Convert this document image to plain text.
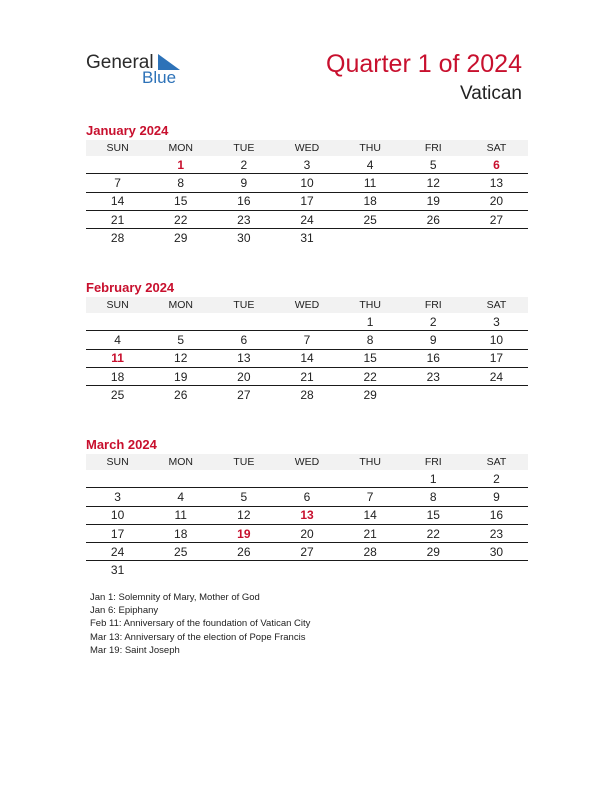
General
Blue	Quarter 1 of 2024
Vatican
January 2024
SUN	MON	TUE	WED	THU	FRI	SAT
	1	2	3	4	5	6
7	8	9	10	11	12	13
14	15	16	17	18	19	20
21	22	23	24	25	26	27
28	29	30	31			
February 2024
SUN	MON	TUE	WED	THU	FRI	SAT
				1	2	3
4	5	6	7	8	9	10
11	12	13	14	15	16	17
18	19	20	21	22	23	24
25	26	27	28	29		
March 2024
SUN	MON	TUE	WED	THU	FRI	SAT
					1	2
3	4	5	6	7	8	9
10	11	12	13	14	15	16
17	18	19	20	21	22	23
24	25	26	27	28	29	30
31						
Jan 1: Solemnity of Mary, Mother of God
Jan 6: Epiphany
Feb 11: Anniversary of the foundation of Vatican City
Mar 13: Anniversary of the election of Pope Francis
Mar 19: Saint Joseph
